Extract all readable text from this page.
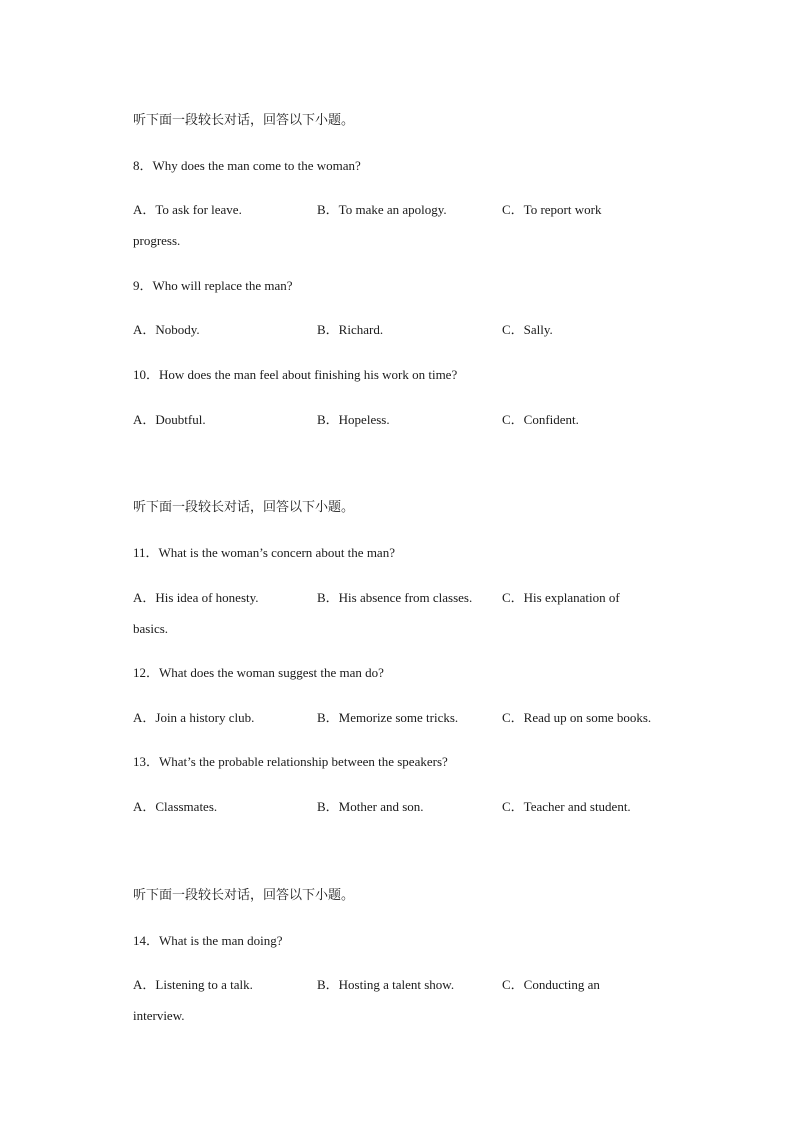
听下面一段较长对话，回答以下小题。
8．Why does the man come to the woman?
A．To ask for leave.	B．To make an apology.	C．To report work
progress.
9．Who will replace the man?
A．Nobody.	B．Richard.	C．Sally.
10．How does the man feel about finishing his work on time?
A．Doubtful.	B．Hopeless.	C．Confident.
听下面一段较长对话，回答以下小题。
11．What is the woman’s concern about the man?
A．His idea of honesty.	B．His absence from classes. C．His explanation of
basics.
12．What does the woman suggest the man do?
A．Join a history club.	B．Memorize some tricks.	C．Read up on some books.
13．What’s the probable relationship between the speakers?
A．Classmates.	B．Mother and son.	C．Teacher and student.
听下面一段较长对话，回答以下小题。
14．What is the man doing?
A．Listening to a talk.	B．Hosting a talent show.	C．Conducting an
interview.
